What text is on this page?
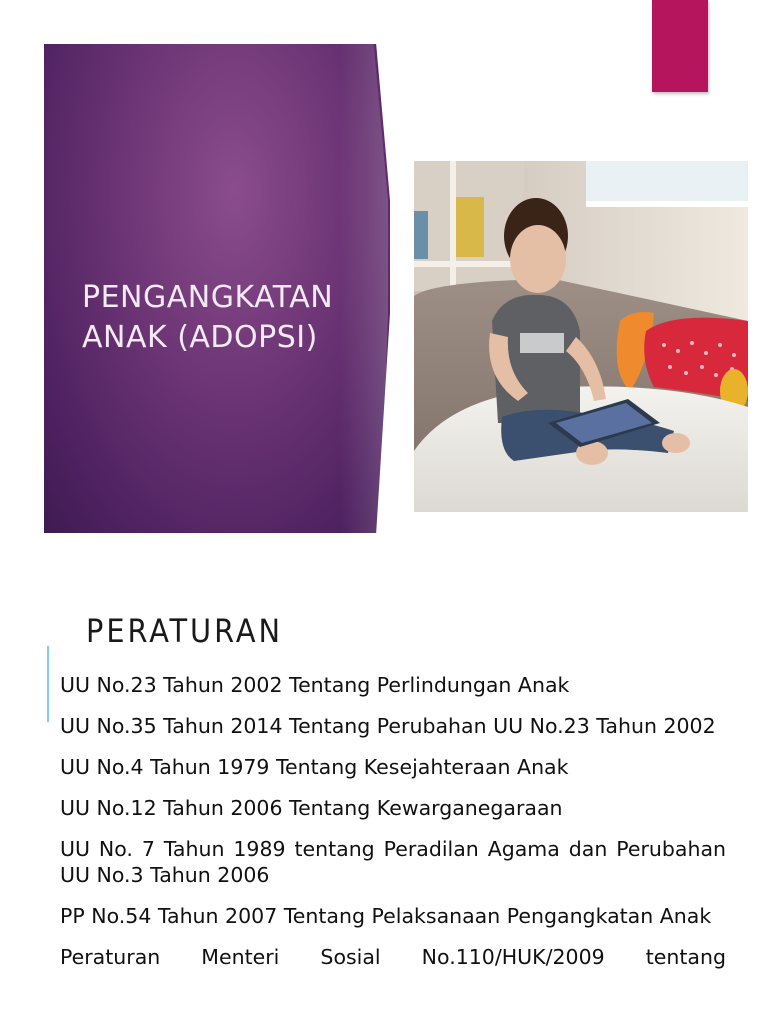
PENGANGKATAN
ANAK (ADOPSI)
PERATURAN
UU No.23 Tahun 2002 Tentang Perlindungan Anak
UU No.35 Tahun 2014 Tentang Perubahan UU No.23 Tahun 2002
UU No.4 Tahun 1979 Tentang Kesejahteraan Anak
UU No.12 Tahun 2006 Tentang Kewarganegaraan
UU No. 7 Tahun 1989 tentang Peradilan Agama dan Perubahan UU No.3 Tahun 2006
PP No.54 Tahun 2007 Tentang Pelaksanaan Pengangkatan Anak
Peraturan Menteri Sosial No.110/HUK/2009 tentang
